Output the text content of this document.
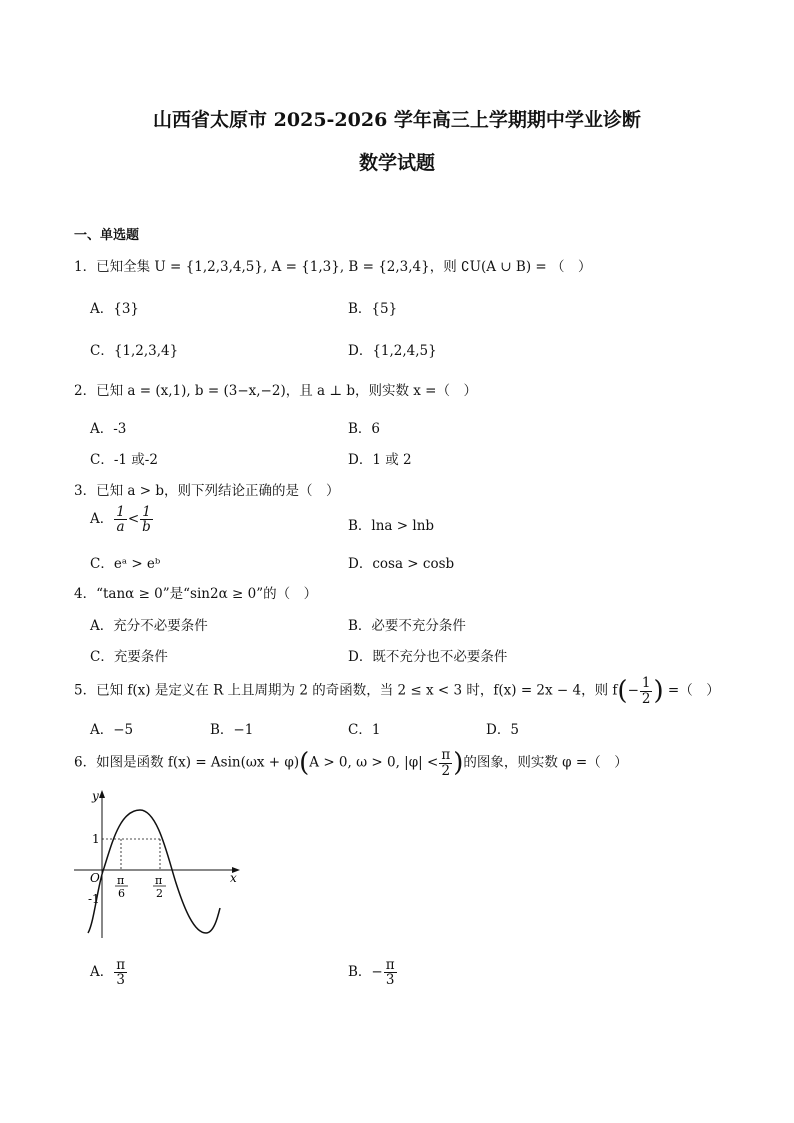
山西省太原市 2025-2026 学年高三上学期期中学业诊断
数学试题
一、单选题
1．已知全集 U = {1,2,3,4,5}, A = {1,3}, B = {2,3,4}，则 ∁U(A ∪ B) = （　）
A．{3}	B．{5}
C．{1,2,3,4}	D．{1,2,4,5}
2．已知 a = (x,1), b = (3−x,−2)，且 a ⊥ b，则实数 x =（　）
A．-3	B．6
C．-1 或-2	D．1 或 2
3．已知 a > b，则下列结论正确的是（　）
A． $\frac{1}{a} < \frac{1}{b}$	B．lna > lnb
C．eᵃ > eᵇ	D．cosa > cosb
4．“tanα ≥ 0”是“sin2α ≥ 0”的（　）
A．充分不必要条件	B．必要不充分条件
C．充要条件	D．既不充分也不必要条件
5．已知 f(x) 是定义在 R 上且周期为 2 的奇函数，当 2 ≤ x < 3 时，f(x) = 2x − 4，则 $f(- \frac{1}{2}$ ) =（　）
A．−5	B．−1	C．1	D．5
6．如图是函数 f(x) = Asin(ωx + φ)(A > 0, ω > 0, $|\varphi| < \frac{\pi}{2}$ )的图象，则实数 φ =（　）
y
x
O
1
-1
π
6
π
2
A． $\frac{\pi}{3}$	B．− $\frac{\pi}{3}$
